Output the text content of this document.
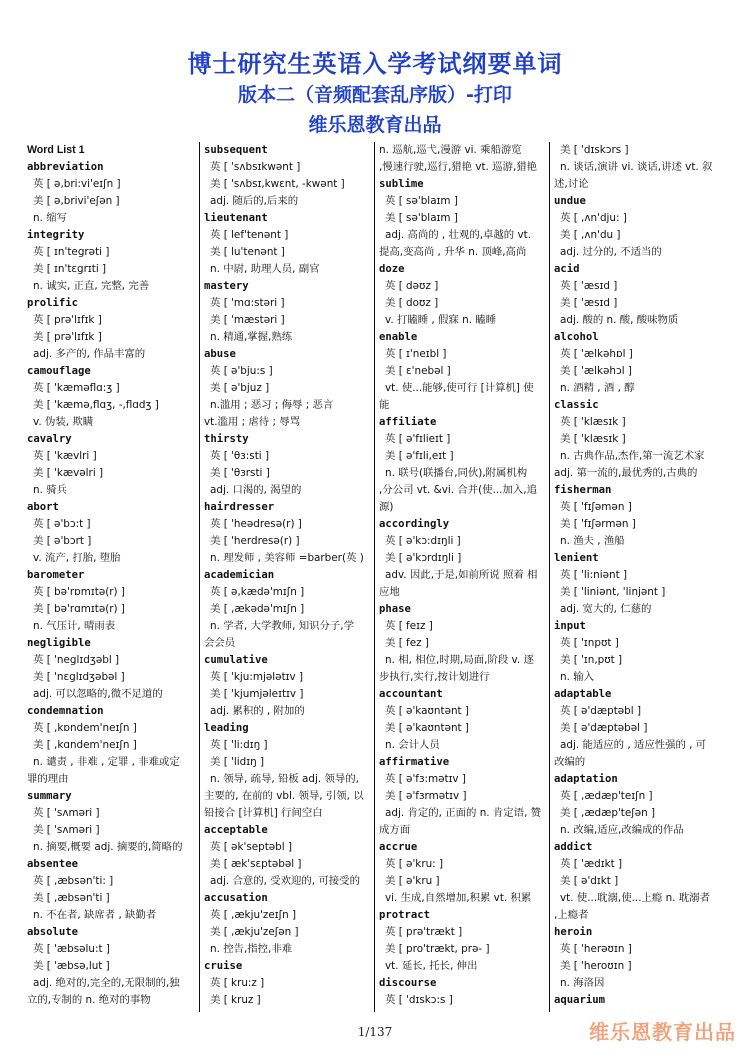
博士研究生英语入学考试纲要单词
版本二（音频配套乱序版）-打印
维乐恩教育出品
Word List 1
abbreviation
英 [ ə,bri:vi'eɪʃn ]
美 [ ə,brivi'eʃən ]
n. 缩写
integrity
英 [ ɪn'tegrəti ]
美 [ ɪn'tɛgrɪti ]
n. 诚实, 正直, 完整, 完善
prolific
英 [ prə'lɪfɪk ]
美 [ prə'lɪfɪk ]
adj. 多产的, 作品丰富的
camouflage
英 [ 'kæməflɑ:ʒ ]
美 [ 'kæmə,flɑʒ, -,flɑdʒ ]
v. 伪装, 欺瞒
cavalry
英 [ 'kævlri ]
美 [ 'kævəlri ]
n. 骑兵
abort
英 [ ə'bɔ:t ]
美 [ ə'bɔrt ]
v. 流产, 打胎, 堕胎
barometer
英 [ bə'rɒmɪtə(r) ]
美 [ bə'rɑmɪtə(r) ]
n. 气压计, 晴雨表
negligible
英 [ 'neglɪdʒəbl ]
美 [ 'nɛglɪdʒəbəl ]
adj. 可以忽略的,微不足道的
condemnation
英 [ ,kɒndem'neɪʃn ]
美 [ ,kɑndem'neɪʃn ]
n. 谴责 , 非难 , 定罪 , 非难或定
罪的理由
summary
英 [ 'sʌməri ]
美 [ 'sʌməri ]
n. 摘要,概要 adj. 摘要的,简略的
absentee
英 [ ,æbsən'ti: ]
美 [ ,æbsən'ti ]
n. 不在者, 缺席者 , 缺勤者
absolute
英 [ 'æbsəlu:t ]
美 [ 'æbsə,lut ]
adj. 绝对的,完全的,无限制的,独
立的,专制的 n. 绝对的事物
subsequent
英 [ 'sʌbsɪkwənt ]
美 [ 'sʌbsɪ,kwɛnt, -kwənt ]
adj. 随后的,后来的
lieutenant
英 [ lef'tenənt ]
美 [ lu'tenənt ]
n. 中尉, 助理人员, 副官
mastery
英 [ 'mɑ:stəri ]
美 [ 'mæstəri ]
n. 精通,掌握,熟练
abuse
英 [ ə'bju:s ]
美 [ ə'bjuz ]
n.滥用 ; 恶习 ; 侮辱 ; 恶言
vt.滥用 ; 虐待 ; 辱骂
thirsty
英 [ 'θɜ:sti ]
美 [ 'θɜrsti ]
adj. 口渴的, 渴望的
hairdresser
英 [ 'heədresə(r) ]
美 [ 'herdresə(r) ]
n. 理发师 , 美容师 =barber(英 )
academician
英 [ ə,kædə'mɪʃn ]
美 [ ,ækədə'mɪʃn ]
n. 学者, 大学教师, 知识分子,学
会会员
cumulative
英 [ 'kju:mjələtɪv ]
美 [ 'kjumjəleɪtɪv ]
adj. 累积的 , 附加的
leading
英 [ 'li:dɪŋ ]
美 [ 'lidɪŋ ]
n. 领导, 疏导, 铅板 adj. 领导的,
主要的, 在前的 vbl. 领导, 引领, 以
铅接合 [计算机] 行间空白
acceptable
英 [ ək'septəbl ]
美 [ æk'sɛptəbəl ]
adj. 合意的, 受欢迎的, 可接受的
accusation
英 [ ,ækju'zeɪʃn ]
美 [ ,ækju'zeʃən ]
n. 控告,指控,非难
cruise
英 [ kru:z ]
美 [ kruz ]
n. 巡航,巡弋,漫游 vi. 乘船游览
,慢速行驶,巡行,猎艳 vt. 巡游,猎艳
sublime
英 [ sə'blaɪm ]
美 [ sə'blaɪm ]
adj. 高尚的 , 壮观的,卓越的 vt.
提高,变高尚 , 升华 n. 顶峰,高尚
doze
英 [ dəʊz ]
美 [ doʊz ]
v. 打瞌睡 , 假寐 n. 瞌睡
enable
英 [ ɪ'neɪbl ]
美 [ ɛ'nebəl ]
vt. 使...能够,使可行 [计算机] 使
能
affiliate
英 [ ə'fɪlieɪt ]
美 [ ə'fɪli,eɪt ]
n. 联号(联播台,同伙),附属机构
,分公司 vt. &vi. 合并(使...加入,追
源)
accordingly
英 [ ə'kɔ:dɪŋli ]
美 [ ə'kɔrdɪŋli ]
adv. 因此,于是,如前所说 照着 相
应地
phase
英 [ feɪz ]
美 [ fez ]
n. 相, 相位,时期,局面,阶段 v. 逐
步执行,实行,按计划进行
accountant
英 [ ə'kaʊntənt ]
美 [ ə'kaʊntənt ]
n. 会计人员
affirmative
英 [ ə'fɜ:mətɪv ]
美 [ ə'fɜrmətɪv ]
adj. 肯定的, 正面的 n. 肯定语, 赞
成方面
accrue
英 [ ə'kru: ]
美 [ ə'kru ]
vi. 生成,自然增加,积累 vt. 积累
protract
英 [ prə'trækt ]
美 [ pro'trækt, prə- ]
vt. 延长, 托长, 伸出
discourse
英 [ 'dɪskɔ:s ]
美 [ 'dɪskɔrs ]
n. 谈话,演讲 vi. 谈话,讲述 vt. 叙
述,讨论
undue
英 [ ,ʌn'dju: ]
美 [ ,ʌn'du ]
adj. 过分的, 不适当的
acid
英 [ 'æsɪd ]
美 [ 'æsɪd ]
adj. 酸的 n. 酸, 酸味物质
alcohol
英 [ 'ælkəhɒl ]
美 [ 'ælkəhɔl ]
n. 酒精 , 酒 , 醇
classic
英 [ 'klæsɪk ]
美 [ 'klæsɪk ]
n. 古典作品,杰作,第一流艺术家
adj. 第一流的,最优秀的,古典的
fisherman
英 [ 'fɪʃəmən ]
美 [ 'fɪʃərmən ]
n. 渔夫 , 渔船
lenient
英 [ 'li:niənt ]
美 [ 'liniənt, 'linjənt ]
adj. 宽大的, 仁慈的
input
英 [ 'ɪnpʊt ]
美 [ 'ɪn,pʊt ]
n. 输入
adaptable
英 [ ə'dæptəbl ]
美 [ ə'dæptəbəl ]
adj. 能适应的 , 适应性强的 , 可
改编的
adaptation
英 [ ,ædæp'teɪʃn ]
美 [ ,ædæp'teʃən ]
n. 改编,适应,改编成的作品
addict
英 [ 'ædɪkt ]
美 [ ə'dɪkt ]
vt. 使...耽溺,使...上瘾 n. 耽溺者
,上瘾者
heroin
英 [ 'herəʊɪn ]
美 [ 'heroʊɪn ]
n. 海洛因
aquarium
1/137	维乐恩教育出品
